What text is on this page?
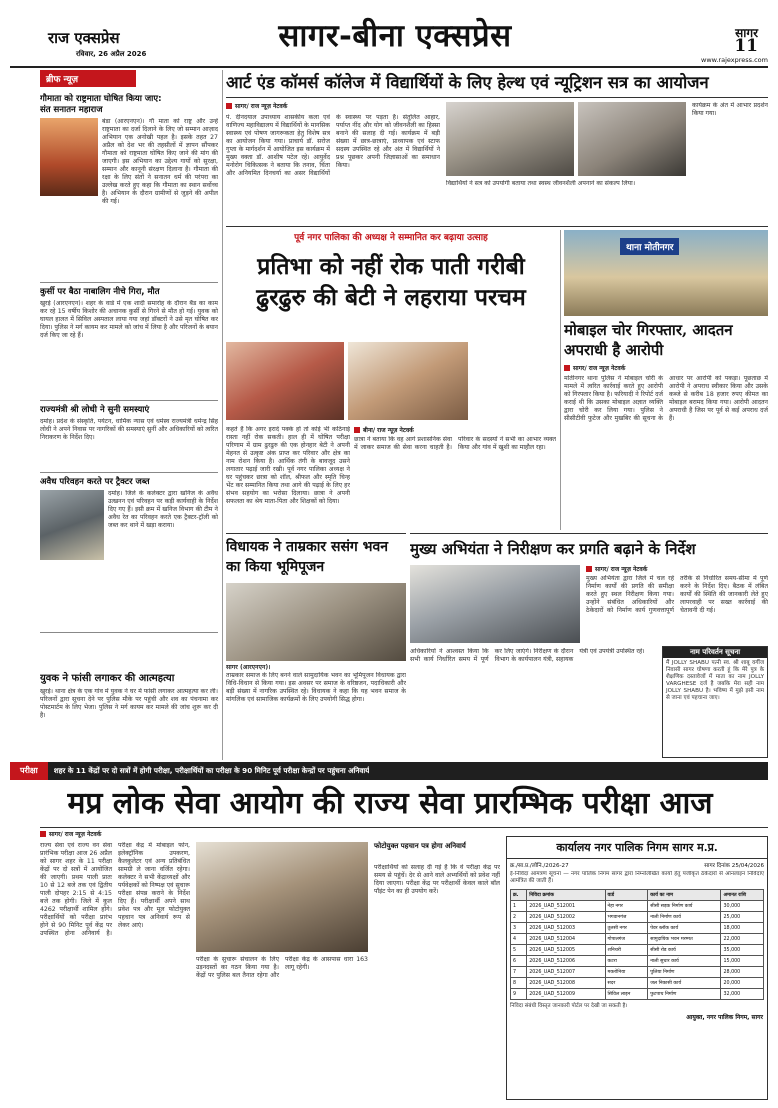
राज एक्सप्रेस
रविवार, 26 अप्रैल 2026	सागर-बीना एक्सप्रेस	सागर
11
www.rajexpress.com
ब्रीफ न्यूज़
गौमाता को राष्ट्रमाता घोषित किया जाए:
संत सनातन महाराज
बंडा (आरएनएन)। गौ माता को राष्ट्र और उन्हें राष्ट्रमाता का दर्जा दिलाने के लिए जो सम्मान आज़ाद अभियान एक अनोखी पहल है। इसके तहत 27 अप्रैल को देश भर की तहसीलों में ज्ञापन सौंपकर गौमाता को राष्ट्रमाता घोषित किए जाने की मांग की जाएगी। इस अभियान का उद्देश्य गायों को सुरक्षा, सम्मान और कानूनी संरक्षण दिलाना है। गौमाता की रक्षा के लिए संतों ने सनातन धर्म की परंपरा का उल्लेख करते हुए कहा कि गौमाता का स्थान सर्वोच्च है। अभियान के दौरान ग्रामीणों से जुड़ने की अपील की गई।
कुर्सी पर बैठा नाबालिग नीचे गिरा, मौत
खुरई (आरएनएन)। शहर के वार्ड में एक शादी समारोह के दौरान बैंड का काम कर रहे 15 वर्षीय किशोर की अचानक कुर्सी से गिरने से मौत हो गई। युवक को घायल हालत में सिविल अस्पताल लाया गया जहां डॉक्टरों ने उसे मृत घोषित कर दिया। पुलिस ने मर्ग कायम कर मामले को जांच में लिया है और परिजनों के बयान दर्ज किए जा रहे हैं।
राज्यमंत्री श्री लोधी ने सुनी समस्याएं
दमोह। प्रदेश के संस्कृति, पर्यटन, धार्मिक न्यास एवं धर्मस्व राज्यमंत्री धर्मेन्द्र सिंह लोधी ने अपने निवास पर नागरिकों की समस्याएं सुनीं और अधिकारियों को त्वरित निराकरण के निर्देश दिए।
अवैध परिवहन करते पर ट्रैक्टर जब्त
दमोह। जिले के कलेक्टर द्वारा खनिज के अवैध उत्खनन एवं परिवहन पर कड़ी कार्यवाही के निर्देश दिए गए हैं। इसी क्रम में खनिज विभाग की टीम ने अवैध रेत का परिवहन करते एक ट्रैक्टर-ट्रॉली को जब्त कर थाने में खड़ा कराया।
युवक ने फांसी लगाकर की आत्महत्या
खुरई। थाना क्षेत्र के एक गांव में युवक ने घर में फांसी लगाकर आत्महत्या कर ली। परिजनों द्वारा सूचना देने पर पुलिस मौके पर पहुंची और शव का पंचनामा कर पोस्टमार्टम के लिए भेजा। पुलिस ने मर्ग कायम कर मामले की जांच शुरू कर दी है।
आर्ट एंड कॉमर्स कॉलेज में विद्यार्थियों के लिए हेल्थ एवं न्यूट्रिशन सत्र का आयोजन
सागर/ राज न्यूज़ नेटवर्क
पं. दीनदयाल उपाध्याय शासकीय कला एवं वाणिज्य महाविद्यालय में विद्यार्थियों के मानसिक स्वास्थ्य एवं पोषण जागरूकता हेतु विशेष सत्र का आयोजन किया गया। प्राचार्य डॉ. सरोज गुप्ता के मार्गदर्शन में आयोजित इस कार्यक्रम में मुख्य वक्ता डॉ. आशीष पटेल रहे। आयुर्वेद मनोरोग चिकित्सक ने बताया कि तनाव, चिंता और अनियमित दिनचर्या का असर विद्यार्थियों के स्वास्थ्य पर पड़ता है। संतुलित आहार, पर्याप्त नींद और योग को जीवनशैली का हिस्सा बनाने की सलाह दी गई। कार्यक्रम में बड़ी संख्या में छात्र-छात्राएं, प्राध्यापक एवं स्टाफ सदस्य उपस्थित रहे और अंत में विद्यार्थियों ने प्रश्न पूछकर अपनी जिज्ञासाओं का समाधान किया।
विद्यार्थियों ने सत्र को उपयोगी बताया तथा स्वस्थ जीवनशैली अपनाने का संकल्प लिया।
कार्यक्रम के अंत में आभार प्रदर्शन किया गया।
पूर्व नगर पालिका की अध्यक्ष ने सम्मानित कर बढ़ाया उत्साह
प्रतिभा को नहीं रोक पाती गरीबी ढुरढुरु की बेटी ने लहराया परचम
बीना/ राज न्यूज़ नेटवर्क
कहते हैं कि अगर इरादे पक्के हों तो कोई भी कठिनाई रास्ता नहीं रोक सकती। हाल ही में घोषित परीक्षा परिणाम में ग्राम ढुरढुरु की एक होनहार बेटी ने अपनी मेहनत से उत्कृष्ट अंक प्राप्त कर परिवार और क्षेत्र का नाम रोशन किया है। आर्थिक तंगी के बावजूद उसने लगातार पढ़ाई जारी रखी। पूर्व नगर पालिका अध्यक्ष ने घर पहुंचकर छात्रा को शॉल, श्रीफल और स्मृति चिन्ह भेंट कर सम्मानित किया तथा आगे की पढ़ाई के लिए हर संभव सहयोग का भरोसा दिलाया। छात्रा ने अपनी सफलता का श्रेय माता-पिता और शिक्षकों को दिया।
छात्रा ने बताया कि वह आगे प्रशासनिक सेवा में जाकर समाज की सेवा करना चाहती है। परिवार के सदस्यों ने सभी का आभार व्यक्त किया और गांव में खुशी का माहौल रहा।
थाना मोतीनगर
मोबाइल चोर गिरफ्तार, आदतन अपराधी है आरोपी
सागर/ राज न्यूज़ नेटवर्क
मोतीनगर थाना पुलिस ने मोबाइल चोरी के मामले में त्वरित कार्रवाई करते हुए आरोपी को गिरफ्तार किया है। फरियादी ने रिपोर्ट दर्ज कराई थी कि उसका मोबाइल अज्ञात व्यक्ति द्वारा चोरी कर लिया गया। पुलिस ने सीसीटीवी फुटेज और मुखबिर की सूचना के आधार पर आरोपी को पकड़ा। पूछताछ में आरोपी ने अपराध स्वीकार किया और उसके कब्जे से करीब 18 हजार रुपए कीमत का मोबाइल बरामद किया गया। आरोपी आदतन अपराधी है जिस पर पूर्व से कई अपराध दर्ज हैं।
विधायक ने ताम्रकार ससंग भवन का किया भूमिपूजन
सागर (आरएनएन)।
ताम्रकार समाज के लिए बनने वाले सामुदायिक भवन का भूमिपूजन विधायक द्वारा विधि-विधान से किया गया। इस अवसर पर समाज के वरिष्ठजन, पदाधिकारी और बड़ी संख्या में नागरिक उपस्थित रहे। विधायक ने कहा कि यह भवन समाज के मांगलिक एवं सामाजिक कार्यक्रमों के लिए उपयोगी सिद्ध होगा।
मुख्य अभियंता ने निरीक्षण कर प्रगति बढ़ाने के निर्देश
सागर/ राज न्यूज़ नेटवर्क
मुख्य अभियंता द्वारा जिले में चल रहे निर्माण कार्यों की प्रगति की समीक्षा करते हुए स्थल निरीक्षण किया गया। उन्होंने संबंधित अधिकारियों और ठेकेदारों को निर्माण कार्य गुणवत्तापूर्ण तरीके से निर्धारित समय-सीमा में पूर्ण करने के निर्देश दिए। बैठक में लंबित कार्यों की स्थिति की जानकारी लेते हुए लापरवाही पर सख्त कार्रवाई की चेतावनी दी गई।
नाम परिवर्तन सूचना
मैं JOLLY SHABU पत्नी स्व. श्री शाबू वर्गीज निवासी सागर घोषणा करती हूं कि मेरे पुत्र के शैक्षणिक दस्तावेजों में माता का नाम JOLLY VARGHESE दर्ज है जबकि मेरा सही नाम JOLLY SHABU है। भविष्य में मुझे इसी नाम से जाना एवं पहचाना जाए।
अधिकारियों ने आश्वस्त किया कि सभी कार्य निर्धारित समय में पूर्ण कर लिए जाएंगे। निरीक्षण के दौरान विभाग के कार्यपालन यंत्री, सहायक यंत्री एवं उपयंत्री उपस्थित रहे।
परीक्षा	शहर के 11 केंद्रों पर दो सत्रों में होगी परीक्षा, परीक्षार्थियों का परीक्षा के 90 मिनिट पूर्व परीक्षा केन्द्रों पर पहुंचना अनिवार्य
मप्र लोक सेवा आयोग की राज्य सेवा प्रारम्भिक परीक्षा आज
सागर/ राज न्यूज़ नेटवर्क
राज्य सेवा एवं राज्य वन सेवा प्रारंभिक परीक्षा आज 26 अप्रैल को सागर शहर के 11 परीक्षा केंद्रों पर दो सत्रों में आयोजित की जाएगी। प्रथम पाली प्रातः 10 से 12 बजे तक एवं द्वितीय पाली दोपहर 2:15 से 4:15 बजे तक होगी। जिले में कुल 4262 परीक्षार्थी शामिल होंगे। परीक्षार्थियों को परीक्षा प्रारंभ होने से 90 मिनिट पूर्व केंद्र पर उपस्थित होना अनिवार्य है। परीक्षा केंद्र में मोबाइल फोन, इलेक्ट्रॉनिक उपकरण, कैलकुलेटर एवं अन्य प्रतिबंधित सामग्री ले जाना वर्जित रहेगा। कलेक्टर ने सभी केंद्राध्यक्षों और पर्यवेक्षकों को निष्पक्ष एवं सुचारू परीक्षा संपन्न कराने के निर्देश दिए हैं। परीक्षार्थी अपने साथ प्रवेश पत्र और मूल फोटोयुक्त पहचान पत्र अनिवार्य रूप से लेकर आएं।
परीक्षा के सुचारू संचालन के लिए उड़नदस्तों का गठन किया गया है। केंद्रों पर पुलिस बल तैनात रहेगा और परीक्षा केंद्र के आसपास धारा 163 लागू रहेगी।
फोटोयुक्त पहचान पत्र होगा अनिवार्य
परीक्षार्थियों को सलाह दी गई है कि वे परीक्षा केंद्र पर समय से पहुंचें। देर से आने वाले अभ्यर्थियों को प्रवेश नहीं दिया जाएगा। परीक्षा केंद्र पर परीक्षार्थी केवल काले बॉल पॉइंट पेन का ही उपयोग करें।
कार्यालय नगर पालिक निगम सागर म.प्र.
क्र./सा.प्र./लोनि./2026-27	सागर दिनांक 25/04/2026
ई-निविदा आमंत्रण सूचना — नगर पालिक निगम सागर द्वारा निम्नलिखित कार्यों हेतु पंजीकृत ठेकेदारों से ऑनलाइन निविदाएं आमंत्रित की जाती हैं।
क्र.	निविदा क्रमांक	वार्ड	कार्य का नाम	अमानत राशि
1	2026_UAD_512001	नेहा नगर	सीसी सड़क निर्माण कार्य	30,000
2	2026_UAD_512002	भगवानगंज	नाली निर्माण कार्य	25,000
3	2026_UAD_512003	तुलसी नगर	पेवर ब्लॉक कार्य	18,000
4	2026_UAD_512004	गोपालगंज	सामुदायिक भवन मरम्मत	22,000
5	2026_UAD_512005	शनिचरी	सीसी रोड कार्य	35,000
6	2026_UAD_512006	कटरा	नाली सुधार कार्य	15,000
7	2026_UAD_512007	मकरोनिया	पुलिया निर्माण	28,000
8	2026_UAD_512008	सदर	जल निकासी कार्य	20,000
9	2026_UAD_512009	सिविल लाइन	फुटपाथ निर्माण	32,000
निविदा संबंधी विस्तृत जानकारी पोर्टल पर देखी जा सकती है।
आयुक्त, नगर पालिक निगम, सागर
